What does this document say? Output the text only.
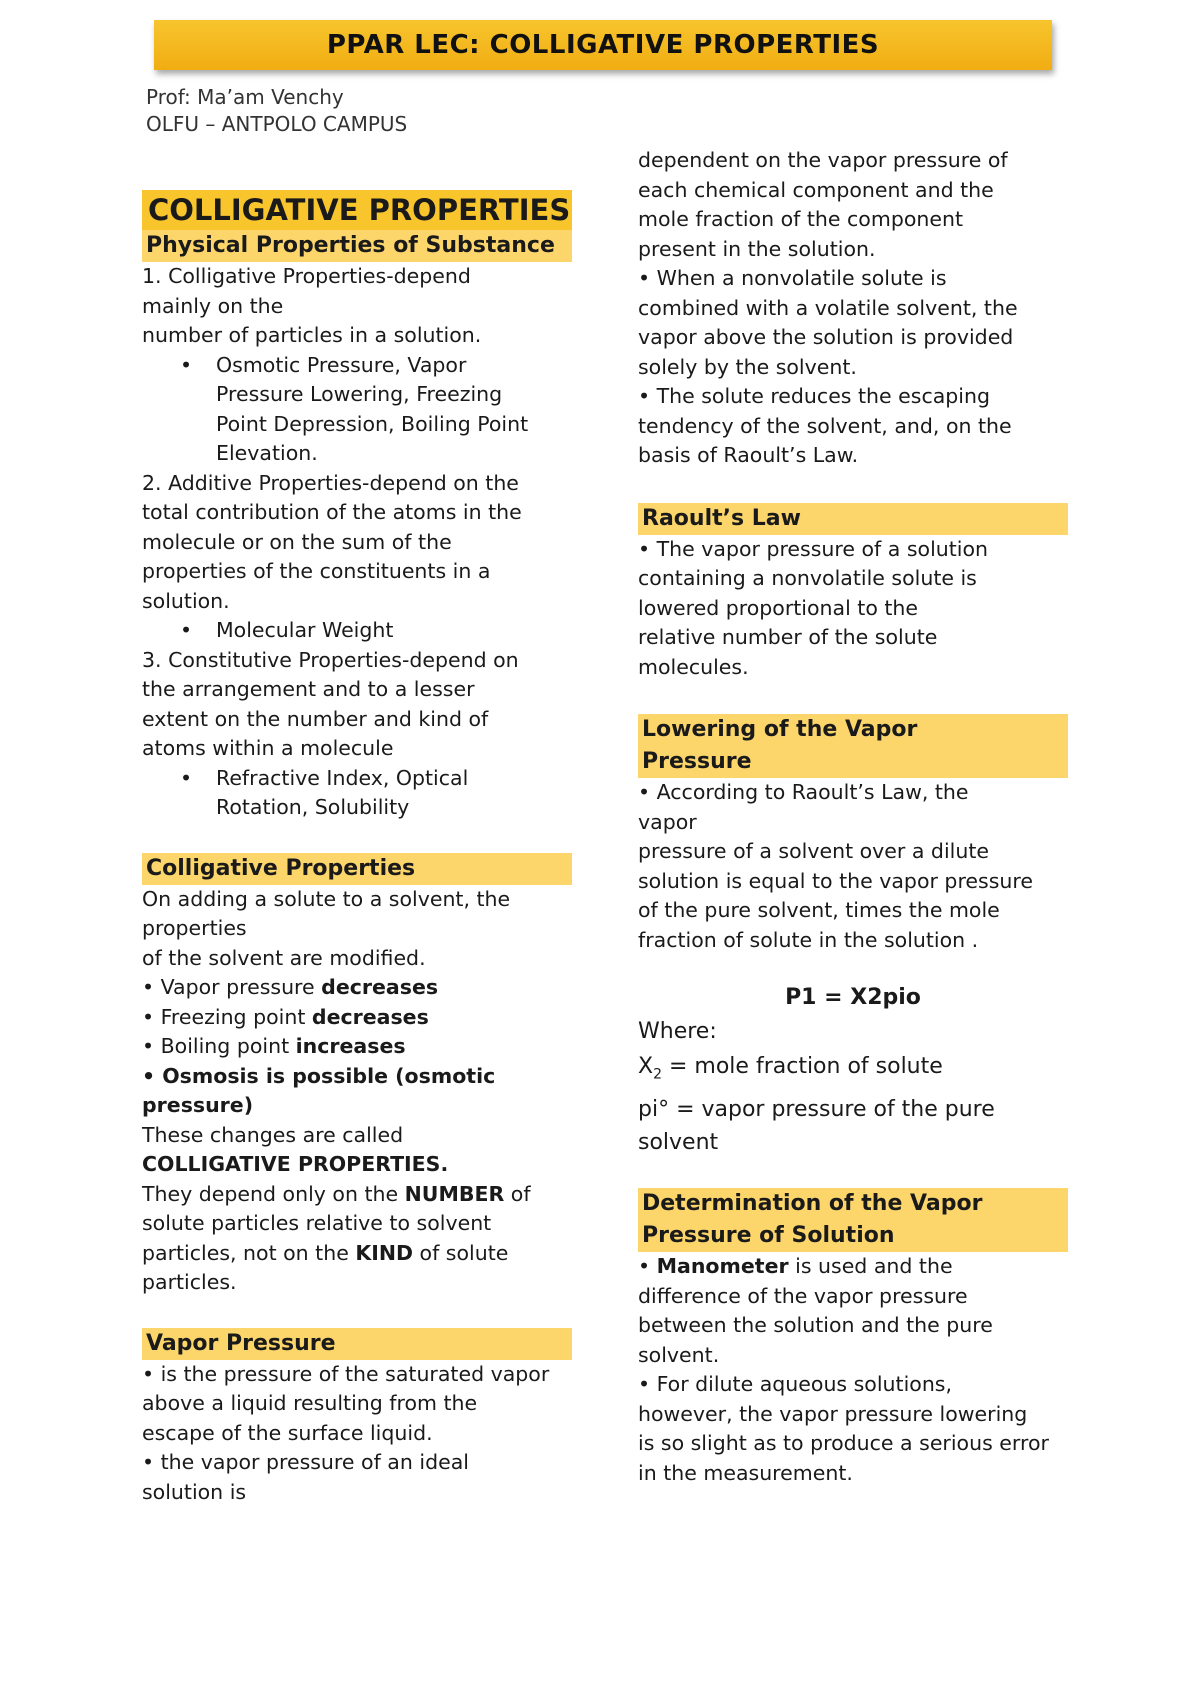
PPAR LEC: COLLIGATIVE PROPERTIES
Prof: Ma’am Venchy
OLFU – ANTPOLO CAMPUS
COLLIGATIVE PROPERTIES
Physical Properties of Substance
1. Colligative Properties-depend
mainly on the
number of particles in a solution.
• Osmotic Pressure, Vapor
Pressure Lowering, Freezing
Point Depression, Boiling Point
Elevation.
2. Additive Properties-depend on the
total contribution of the atoms in the
molecule or on the sum of the
properties of the constituents in a
solution.
• Molecular Weight
3. Constitutive Properties-depend on
the arrangement and to a lesser
extent on the number and kind of
atoms within a molecule
• Refractive Index, Optical
Rotation, Solubility
Colligative Properties
On adding a solute to a solvent, the
properties
of the solvent are modified.
• Vapor pressure decreases
• Freezing point decreases
• Boiling point increases
• Osmosis is possible (osmotic
pressure)
These changes are called
COLLIGATIVE PROPERTIES.
They depend only on the NUMBER of
solute particles relative to solvent
particles, not on the KIND of solute
particles.
Vapor Pressure
• is the pressure of the saturated vapor
above a liquid resulting from the
escape of the surface liquid.
• the vapor pressure of an ideal
solution is
dependent on the vapor pressure of
each chemical component and the
mole fraction of the component
present in the solution.
• When a nonvolatile solute is
combined with a volatile solvent, the
vapor above the solution is provided
solely by the solvent.
• The solute reduces the escaping
tendency of the solvent, and, on the
basis of Raoult’s Law.
Raoult’s Law
• The vapor pressure of a solution
containing a nonvolatile solute is
lowered proportional to the
relative number of the solute
molecules.
Lowering of the Vapor
Pressure
• According to Raoult’s Law, the
vapor
pressure of a solvent over a dilute
solution is equal to the vapor pressure
of the pure solvent, times the mole
fraction of solute in the solution .
P1 = X2pio
Where:
$X_2$ = mole fraction of solute
pi° = vapor pressure of the pure
solvent
Determination of the Vapor
Pressure of Solution
• Manometer is used and the
difference of the vapor pressure
between the solution and the pure
solvent.
• For dilute aqueous solutions,
however, the vapor pressure lowering
is so slight as to produce a serious error
in the measurement.
